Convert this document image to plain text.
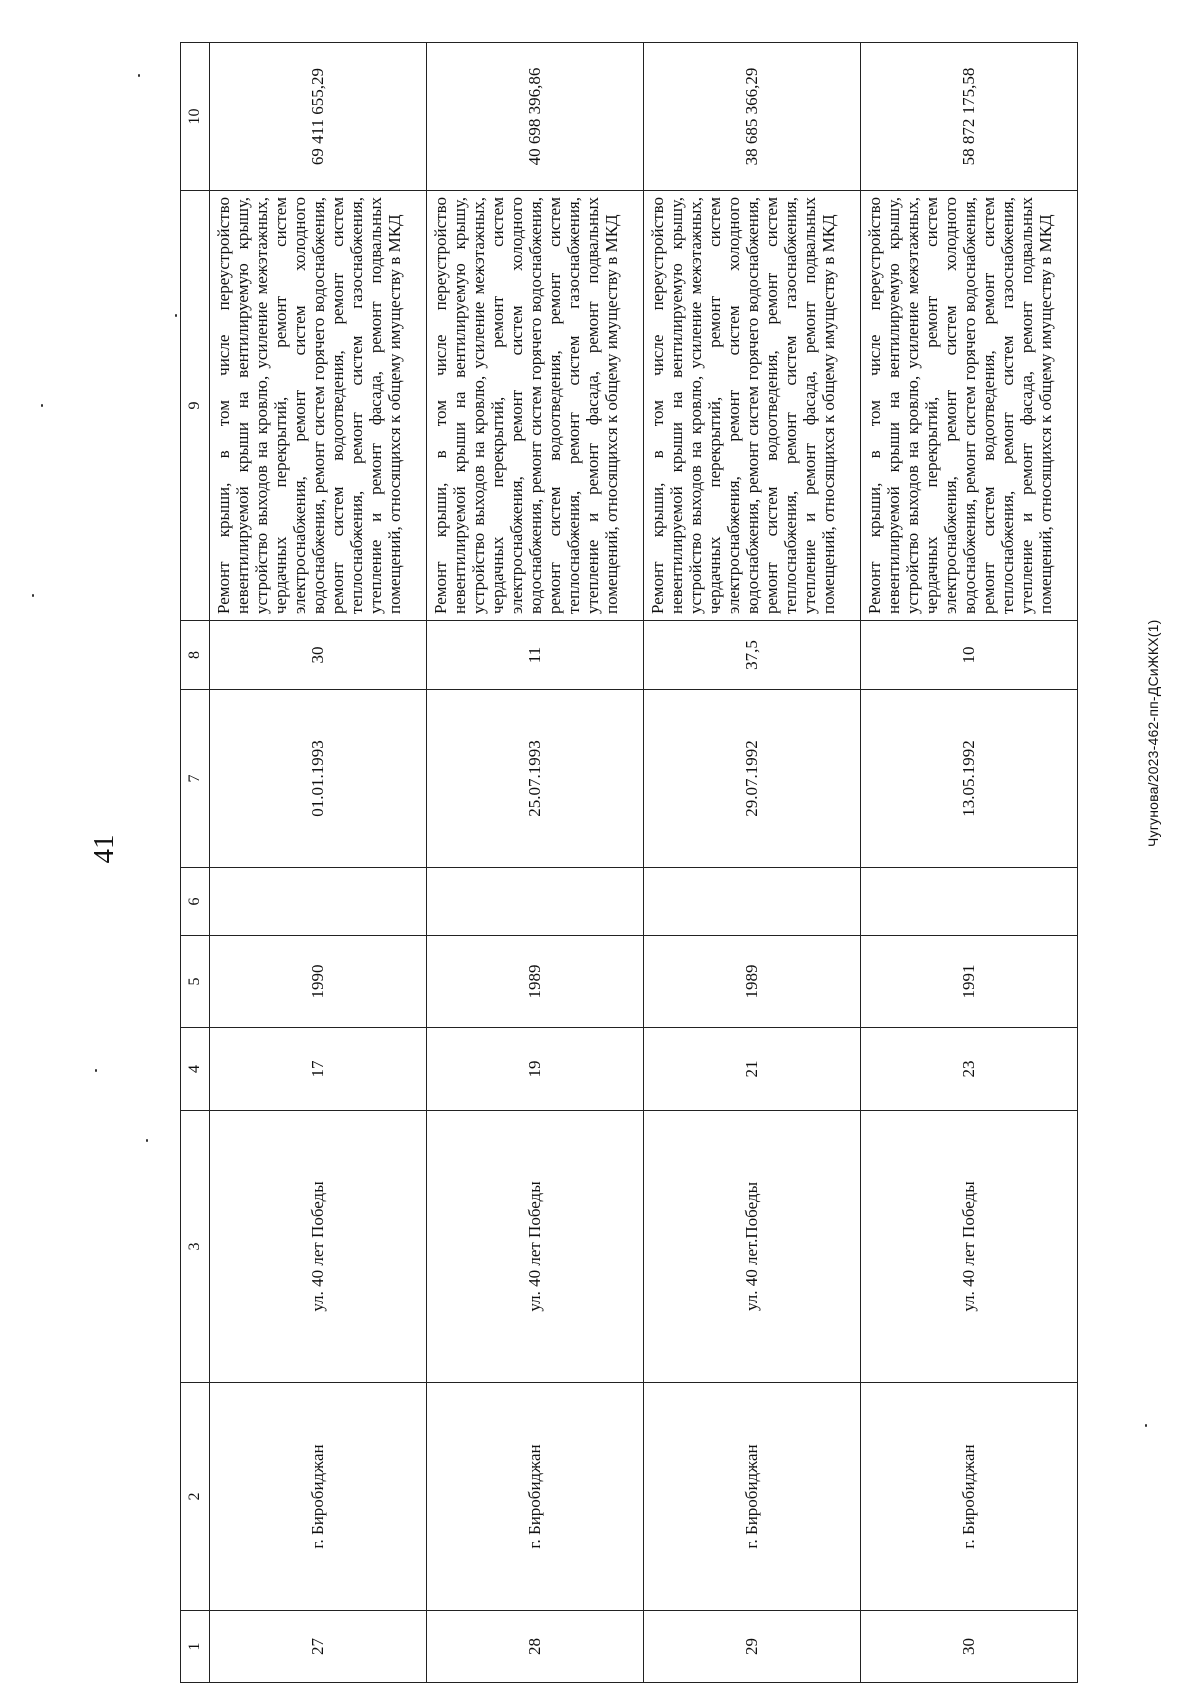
41
1	2	3	4	5	6	7	8	9	10
27	г. Биробиджан	ул. 40 лет Победы	17	1990		01.01.1993	30	Ремонт крыши, в том числе переустройство невентилируемой крыши на вентилируемую крышу, устройство выходов на кровлю, усиление межэтажных, чердачных перекрытий, ремонт систем электроснабжения, ремонт систем холодного водоснабжения, ремонт систем горячего водоснабжения, ремонт систем водоотведения, ремонт систем теплоснабжения, ремонт систем газоснабжения, утепление и ремонт фасада, ремонт подвальных помещений, относящихся к общему имуществу в МКД	69 411 655,29
28	г. Биробиджан	ул. 40 лет Победы	19	1989		25.07.1993	11	Ремонт крыши, в том числе переустройство невентилируемой крыши на вентилируемую крышу, устройство выходов на кровлю, усиление межэтажных, чердачных перекрытий, ремонт систем электроснабжения, ремонт систем холодного водоснабжения, ремонт систем горячего водоснабжения, ремонт систем водоотведения, ремонт систем теплоснабжения, ремонт систем газоснабжения, утепление и ремонт фасада, ремонт подвальных помещений, относящихся к общему имуществу в МКД	40 698 396,86
29	г. Биробиджан	ул. 40 лет.Победы	21	1989		29.07.1992	37,5	Ремонт крыши, в том числе переустройство невентилируемой крыши на вентилируемую крышу, устройство выходов на кровлю, усиление межэтажных, чердачных перекрытий, ремонт систем электроснабжения, ремонт систем холодного водоснабжения, ремонт систем горячего водоснабжения, ремонт систем водоотведения, ремонт систем теплоснабжения, ремонт систем газоснабжения, утепление и ремонт фасада, ремонт подвальных помещений, относящихся к общему имуществу в МКД	38 685 366,29
30	г. Биробиджан	ул. 40 лет Победы	23	1991		13.05.1992	10	Ремонт крыши, в том числе переустройство невентилируемой крыши на вентилируемую крышу, устройство выходов на кровлю, усиление межэтажных, чердачных перекрытий, ремонт систем электроснабжения, ремонт систем холодного водоснабжения, ремонт систем горячего водоснабжения, ремонт систем водоотведения, ремонт систем теплоснабжения, ремонт систем газоснабжения, утепление и ремонт фасада, ремонт подвальных помещений, относящихся к общему имуществу в МКД	58 872 175,58
Чугунова/2023-462-пп-ДСиЖКХ(1)
